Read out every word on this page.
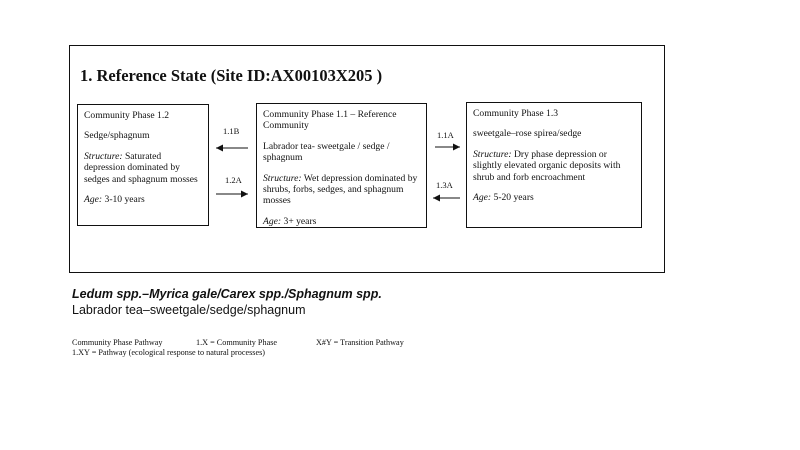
1. Reference State (Site ID:AX00103X205 )

Community Phase 1.2

Sedge/sphagnum

Structure: Saturated depression dominated by sedges and sphagnum mosses

Age: 3-10 years

Community Phase 1.1 – Reference Community

Labrador tea- sweetgale / sedge / sphagnum

Structure: Wet depression dominated by shrubs, forbs, sedges, and sphagnum mosses

Age: 3+ years

Community Phase 1.3

sweetgale–rose spirea/sedge

Structure: Dry phase depression or slightly elevated organic deposits with shrub and forb encroachment

Age: 5-20 years

1.1B
1.2A
1.1A
1.3A
Ledum spp.–Myrica gale/Carex spp./Sphagnum spp.
Labrador tea–sweetgale/sedge/sphagnum
Community Phase Pathway	1.X = Community Phase	X#Y = Transition Pathway
1.XY = Pathway (ecological response to natural processes)
